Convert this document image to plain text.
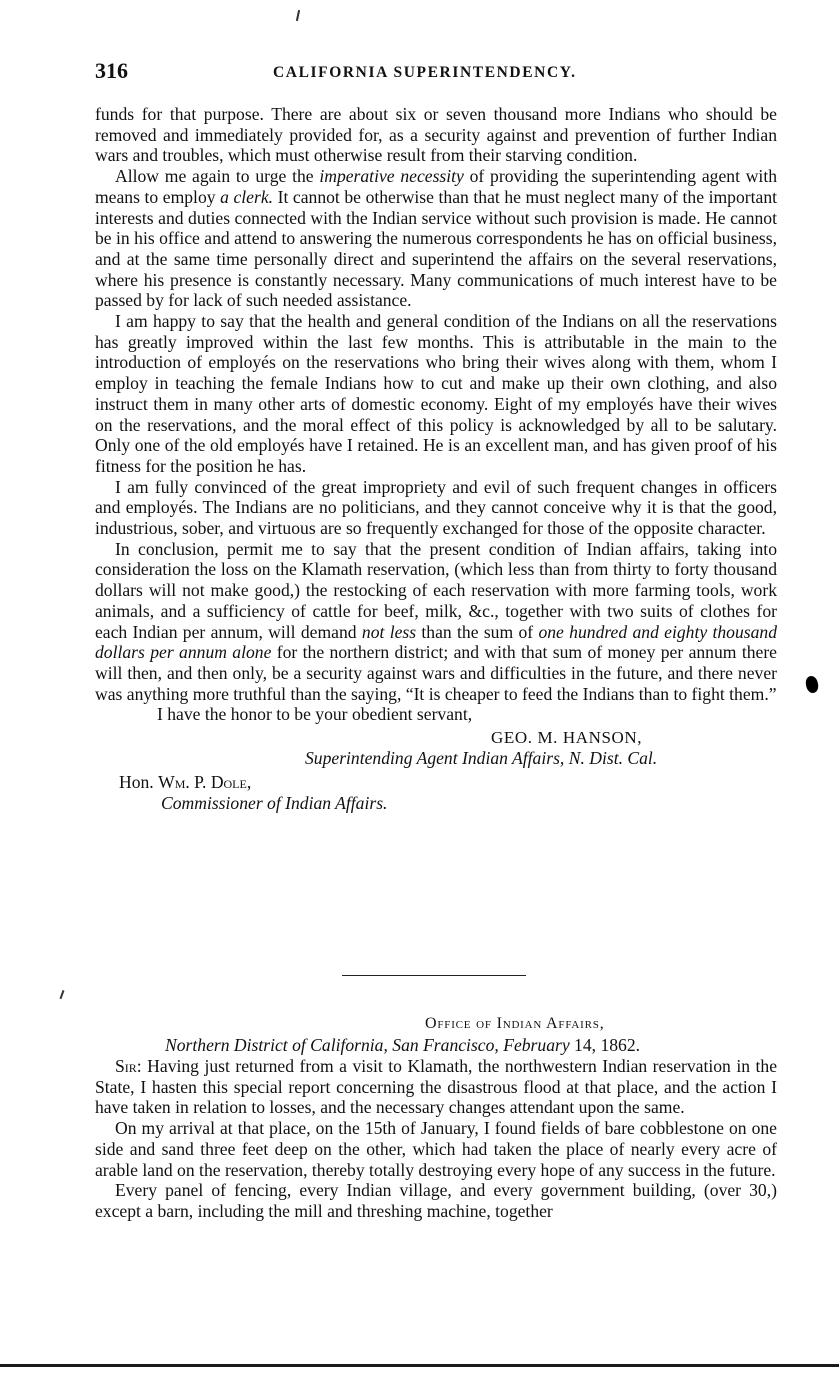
316	CALIFORNIA SUPERINTENDENCY.

funds for that purpose. There are about six or seven thousand more Indians who should be removed and immediately provided for, as a security against and prevention of further Indian wars and troubles, which must otherwise result from their starving condition.

Allow me again to urge the imperative necessity of providing the superintending agent with means to employ a clerk. It cannot be otherwise than that he must neglect many of the important interests and duties connected with the Indian service without such provision is made. He cannot be in his office and attend to answering the numerous correspondents he has on official business, and at the same time personally direct and superintend the affairs on the several reservations, where his presence is constantly necessary. Many communications of much interest have to be passed by for lack of such needed assistance.

I am happy to say that the health and general condition of the Indians on all the reservations has greatly improved within the last few months. This is attributable in the main to the introduction of employés on the reservations who bring their wives along with them, whom I employ in teaching the female Indians how to cut and make up their own clothing, and also instruct them in many other arts of domestic economy. Eight of my employés have their wives on the reservations, and the moral effect of this policy is acknowledged by all to be salutary. Only one of the old employés have I retained. He is an excellent man, and has given proof of his fitness for the position he has.

I am fully convinced of the great impropriety and evil of such frequent changes in officers and employés. The Indians are no politicians, and they cannot conceive why it is that the good, industrious, sober, and virtuous are so frequently exchanged for those of the opposite character.

In conclusion, permit me to say that the present condition of Indian affairs, taking into consideration the loss on the Klamath reservation, (which less than from thirty to forty thousand dollars will not make good,) the restocking of each reservation with more farming tools, work animals, and a sufficiency of cattle for beef, milk, &c., together with two suits of clothes for each Indian per annum, will demand not less than the sum of one hundred and eighty thousand dollars per annum alone for the northern district; and with that sum of money per annum there will then, and then only, be a security against wars and difficulties in the future, and there never was anything more truthful than the saying, “It is cheaper to feed the Indians than to fight them.”

I have the honor to be your obedient servant,

GEO. M. HANSON,

Superintending Agent Indian Affairs, N. Dist. Cal.

Hon. Wm. P. Dole,

Commissioner of Indian Affairs.

Office of Indian Affairs,

Northern District of California, San Francisco, February 14, 1862.

Sir: Having just returned from a visit to Klamath, the northwestern Indian reservation in the State, I hasten this special report concerning the disastrous flood at that place, and the action I have taken in relation to losses, and the necessary changes attendant upon the same.

On my arrival at that place, on the 15th of January, I found fields of bare cobblestone on one side and sand three feet deep on the other, which had taken the place of nearly every acre of arable land on the reservation, thereby totally destroying every hope of any success in the future.

Every panel of fencing, every Indian village, and every government building, (over 30,) except a barn, including the mill and threshing machine, together
